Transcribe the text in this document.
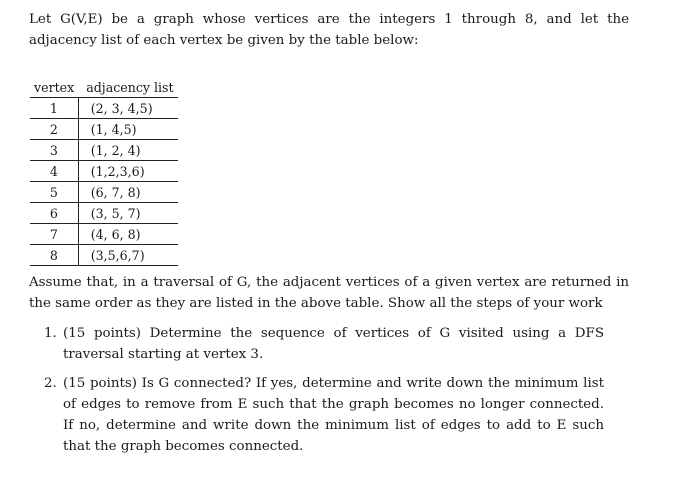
Let G(V,E) be a graph whose vertices are the integers 1 through 8, and let the adjacency list of each vertex be given by the table below:

vertex	adjacency list
1	(2, 3, 4,5)
2	(1, 4,5)
3	(1, 2, 4)
4	(1,2,3,6)
5	(6, 7, 8)
6	(3, 5, 7)
7	(4, 6, 8)
8	(3,5,6,7)

Assume that, in a traversal of G, the adjacent vertices of a given vertex are returned in the same order as they are listed in the above table. Show all the steps of your work

1. (15 points) Determine the sequence of vertices of G visited using a DFS traversal starting at vertex 3.
2. (15 points) Is G connected? If yes, determine and write down the minimum list of edges to remove from E such that the graph becomes no longer connected. If no, determine and write down the minimum list of edges to add to E such that the graph becomes connected.
